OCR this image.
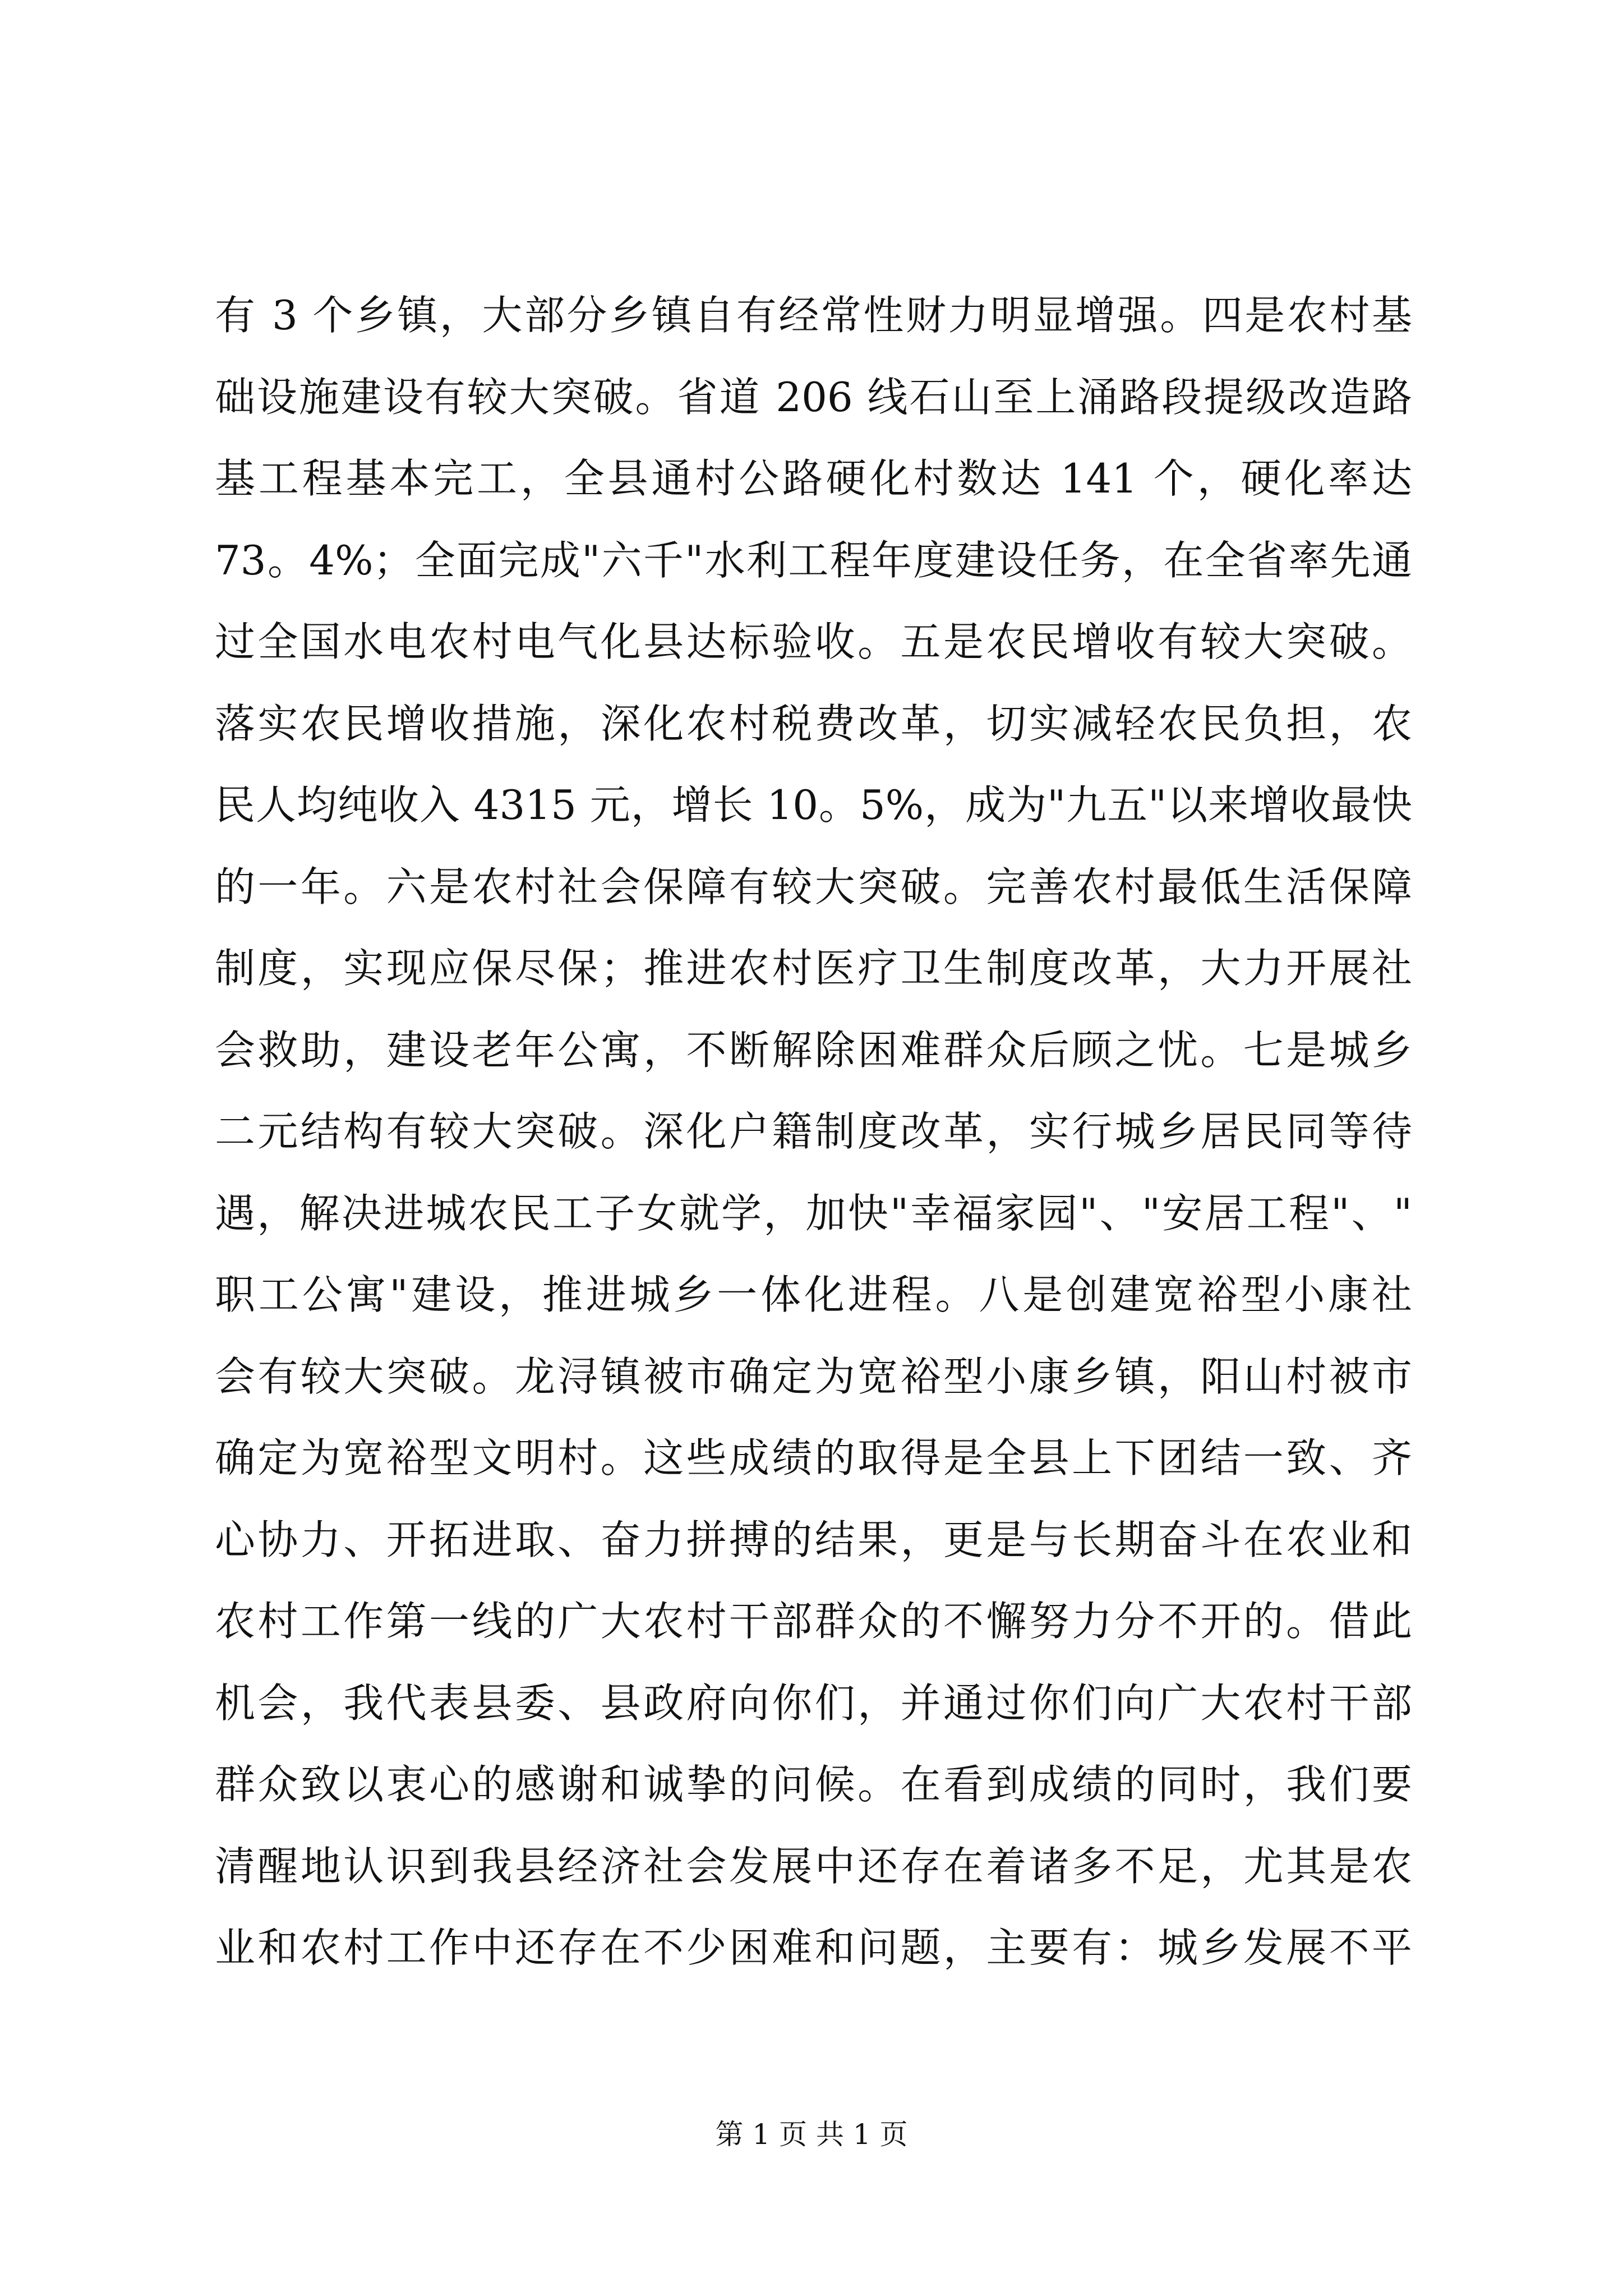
有 3 个乡镇，大部分乡镇自有经常性财力明显增强。四是农村基
础设施建设有较大突破。省道 206 线石山至上涌路段提级改造路
基工程基本完工，全县通村公路硬化村数达 141 个，硬化率达
73。4%；全面完成"六千"水利工程年度建设任务，在全省率先通
过全国水电农村电气化县达标验收。五是农民增收有较大突破。
落实农民增收措施，深化农村税费改革，切实减轻农民负担，农
民人均纯收入 4315 元，增长 10。5%，成为"九五"以来增收最快
的一年。六是农村社会保障有较大突破。完善农村最低生活保障
制度，实现应保尽保；推进农村医疗卫生制度改革，大力开展社
会救助，建设老年公寓，不断解除困难群众后顾之忧。七是城乡
二元结构有较大突破。深化户籍制度改革，实行城乡居民同等待
遇，解决进城农民工子女就学，加快"幸福家园"、"安居工程"、"
职工公寓"建设，推进城乡一体化进程。八是创建宽裕型小康社
会有较大突破。龙浔镇被市确定为宽裕型小康乡镇，阳山村被市
确定为宽裕型文明村。这些成绩的取得是全县上下团结一致、齐
心协力、开拓进取、奋力拼搏的结果，更是与长期奋斗在农业和
农村工作第一线的广大农村干部群众的不懈努力分不开的。借此
机会，我代表县委、县政府向你们，并通过你们向广大农村干部
群众致以衷心的感谢和诚挚的问候。在看到成绩的同时，我们要
清醒地认识到我县经济社会发展中还存在着诸多不足，尤其是农
业和农村工作中还存在不少困难和问题，主要有：城乡发展不平
第 1 页 共 1 页
